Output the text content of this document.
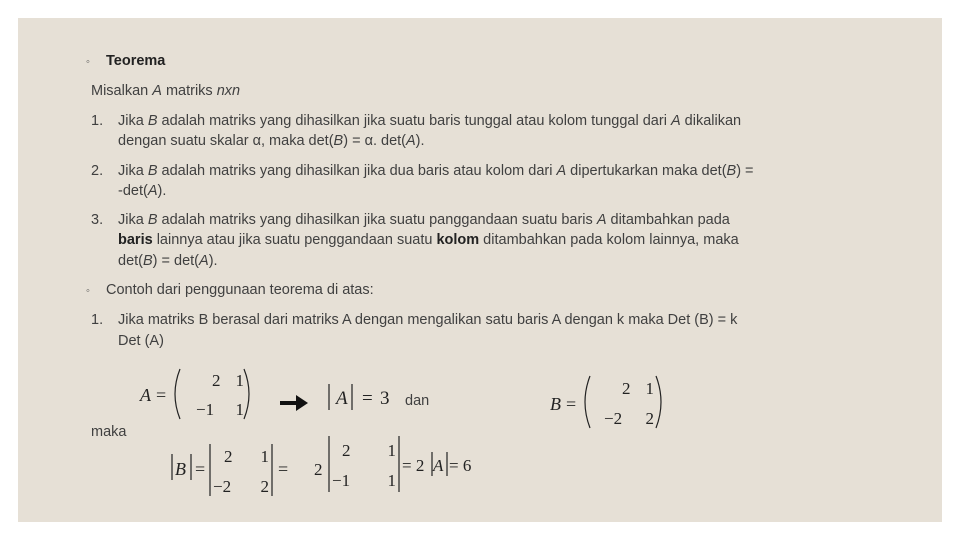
◦ Teorema
Misalkan A matriks nxn
1. Jika B adalah matriks yang dihasilkan jika suatu baris tunggal atau kolom tunggal dari A dikalikan
dengan suatu skalar α, maka det(B) = α. det(A).
2. Jika B adalah matriks yang dihasilkan jika dua baris atau kolom dari A dipertukarkan maka det(B) =
-det(A).
3. Jika B adalah matriks yang dihasilkan jika suatu panggandaan suatu baris A ditambahkan pada
baris lainnya atau jika suatu penggandaan suatu kolom ditambahkan pada kolom lainnya, maka
det(B) = det(A).
◦ Contoh dari penggunaan teorema di atas:
1. Jika matriks B berasal dari matriks A dengan mengalikan satu baris A dengan k maka Det (B) = k
Det (A)
A =
2 1
−1 1
A = 3 dan	B =
2 1
−2 2
maka
B =
2 1
−2 2
= 2
2 1
−1 1
= 2 A = 6
